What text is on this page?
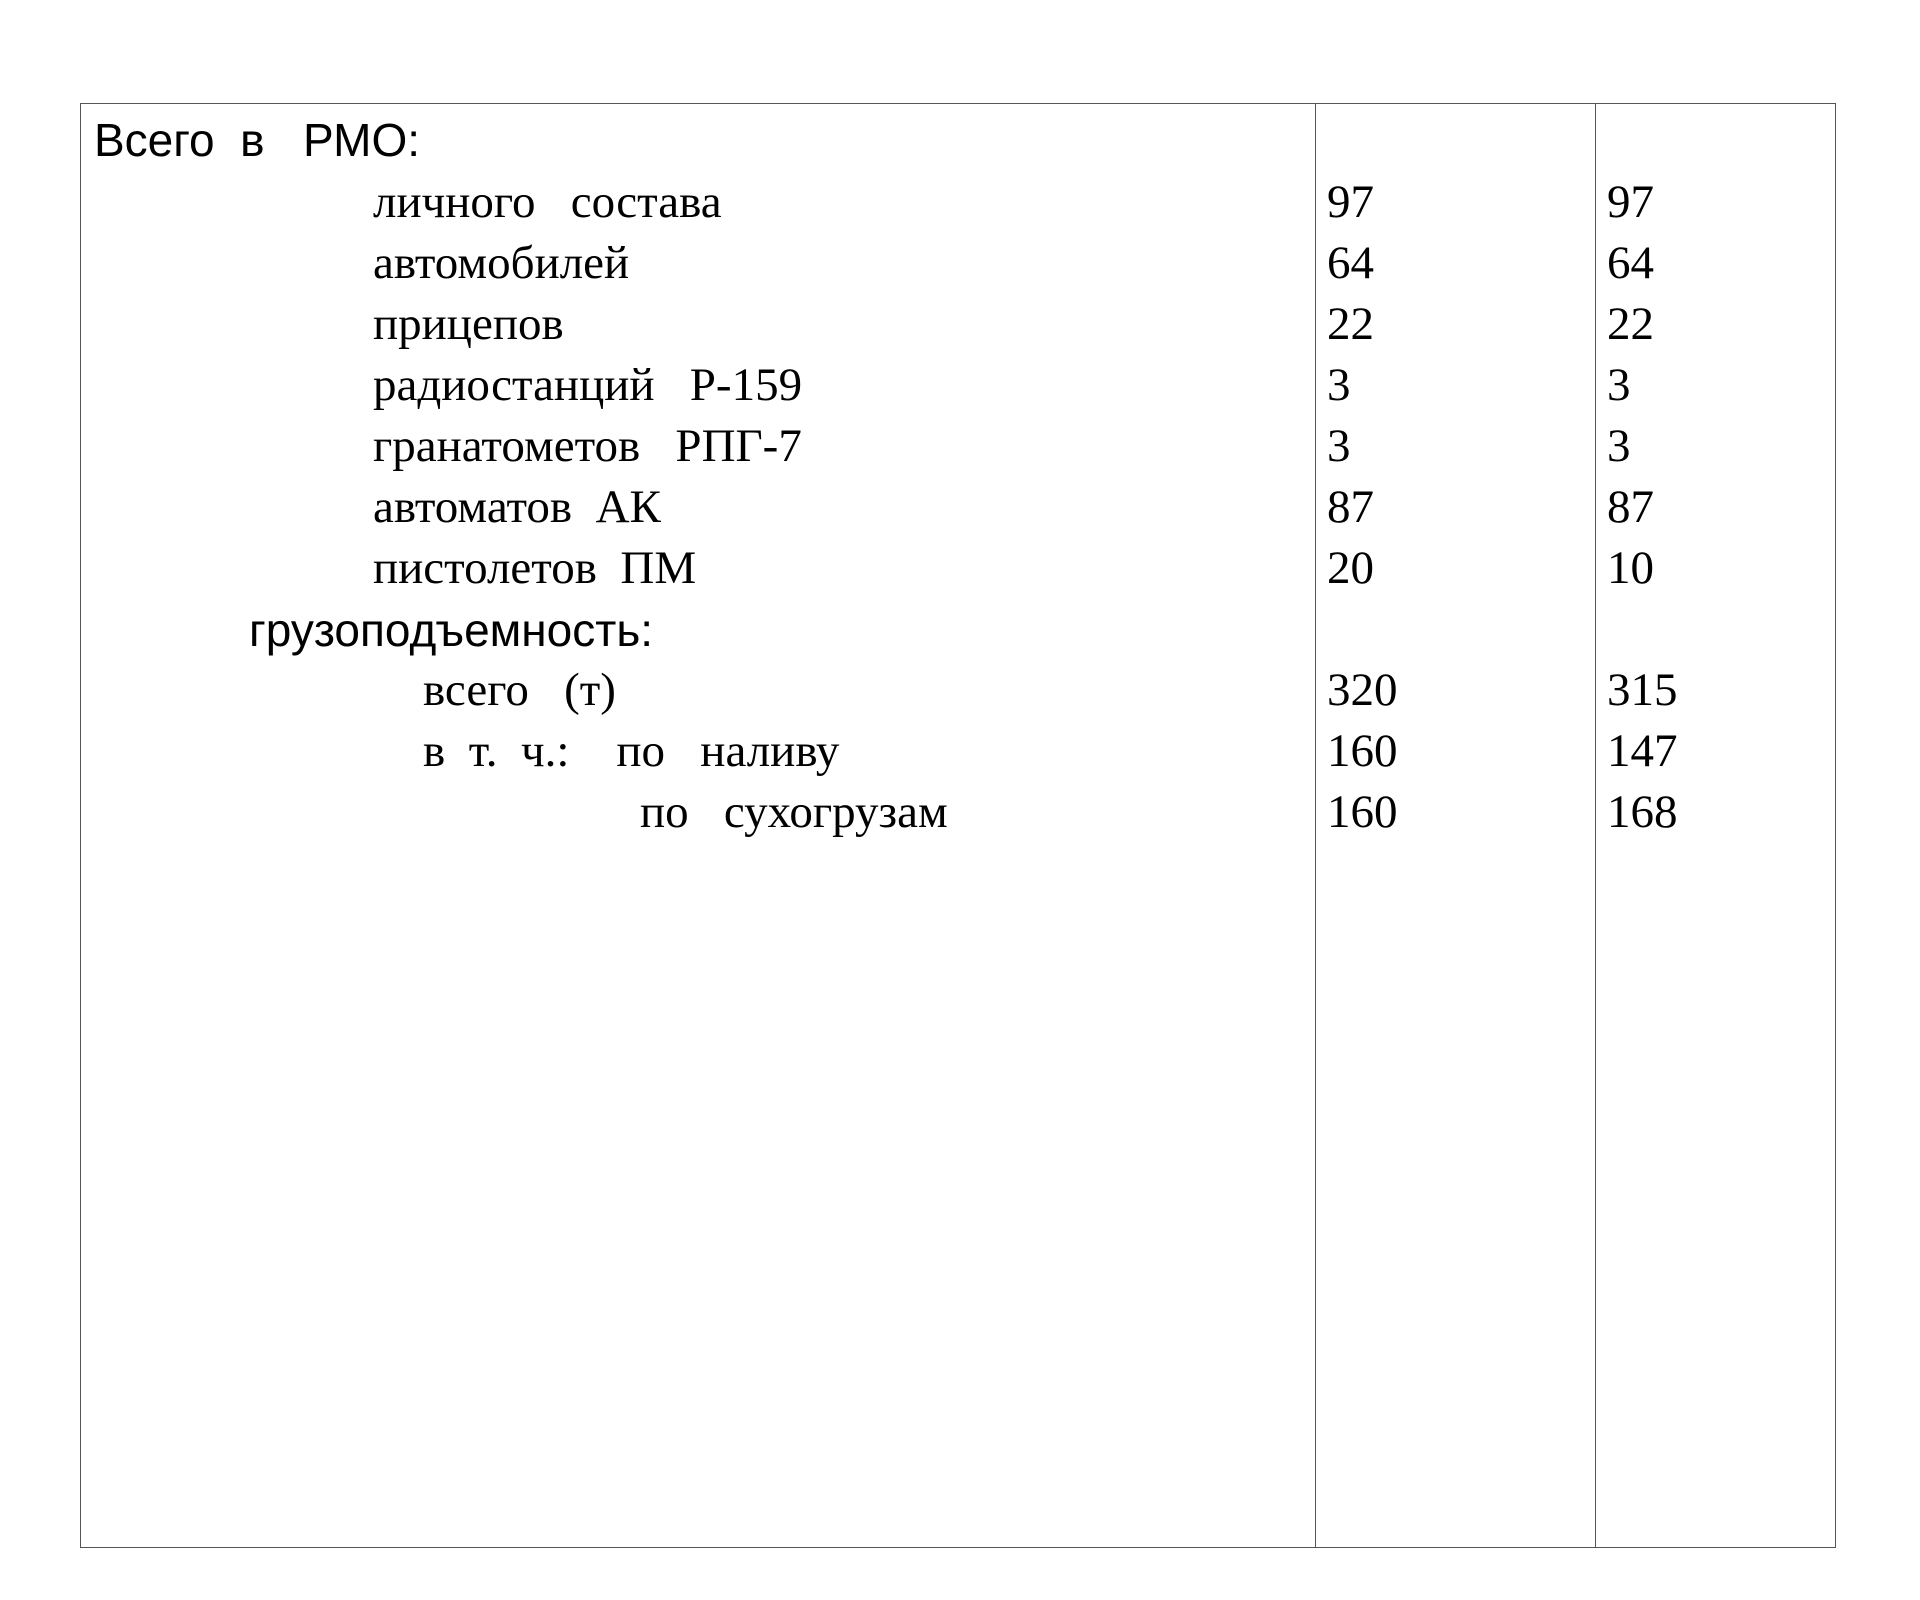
Всего  в   РМО:
личного   состава	97	97
автомобилей	64	64
прицепов	22	22
радиостанций   Р-159	3	3
гранатометов   РПГ-7	3	3
автоматов  АК	87	87
пистолетов  ПМ	20	10
грузоподъемность:
всего   (т)	320	315
в  т.  ч.:    по   наливу	160	147
по   сухогрузам	160	168
